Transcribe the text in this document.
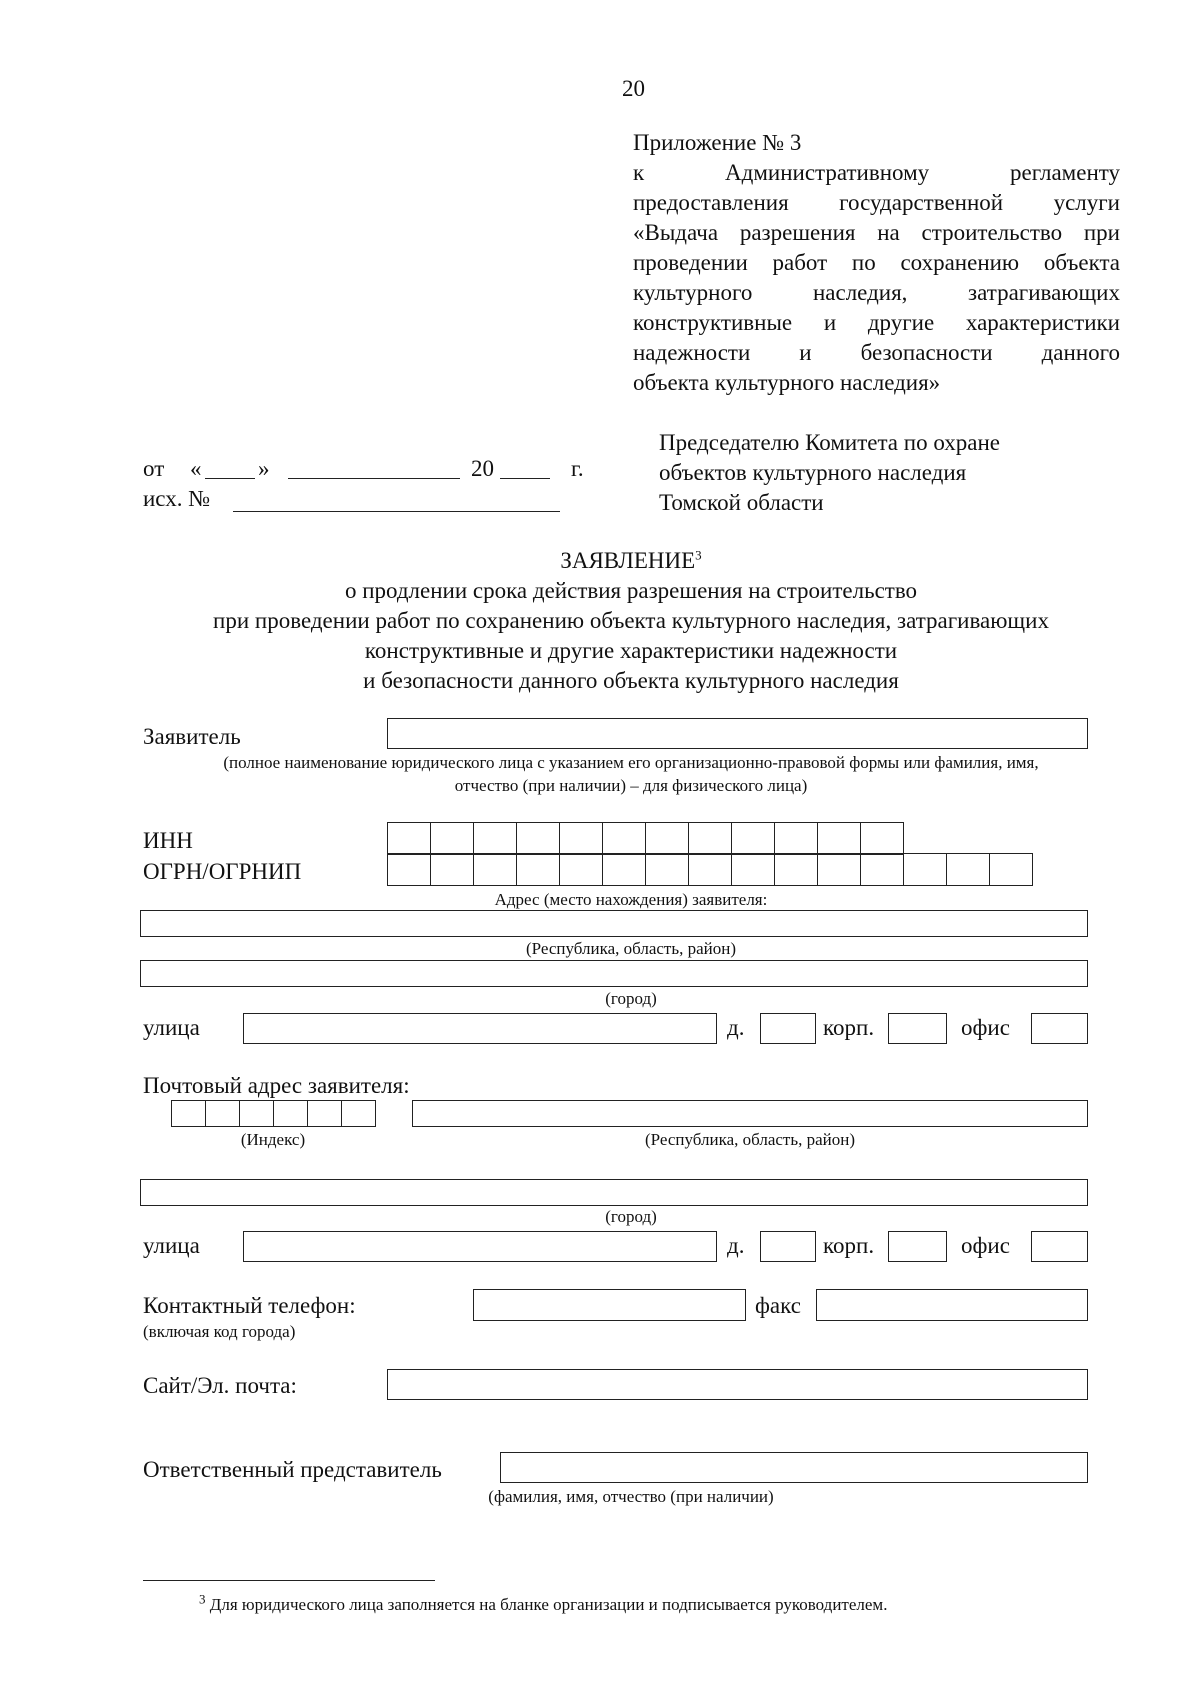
20
Приложение № 3
к Административному регламенту
предоставления государственной услуги
«Выдача разрешения на строительство при
проведении работ по сохранению объекта
культурного наследия, затрагивающих
конструктивные и другие характеристики
надежности и безопасности данного
объекта культурного наследия»
Председателю Комитета по охране
объектов культурного наследия
Томской области
от « »	20	г.
исх. №
ЗАЯВЛЕНИЕ$^3$
о продлении срока действия разрешения на строительство
при проведении работ по сохранению объекта культурного наследия, затрагивающих
конструктивные и другие характеристики надежности
и безопасности данного объекта культурного наследия
Заявитель
(полное наименование юридического лица с указанием его организационно-правовой формы или фамилия, имя,
отчество (при наличии) – для физического лица)
ИНН
ОГРН/ОГРНИП
Адрес (место нахождения) заявителя:
(Республика, область, район)
(город)
улица	д.	корп.	офис
Почтовый адрес заявителя:
(Индекс)	(Республика, область, район)
(город)
улица	д.	корп.	офис
Контактный телефон:
(включая код города)
факс
Сайт/Эл. почта:
Ответственный представитель
(фамилия, имя, отчество (при наличии)
$^3$ Для юридического лица заполняется на бланке организации и подписывается руководителем.
